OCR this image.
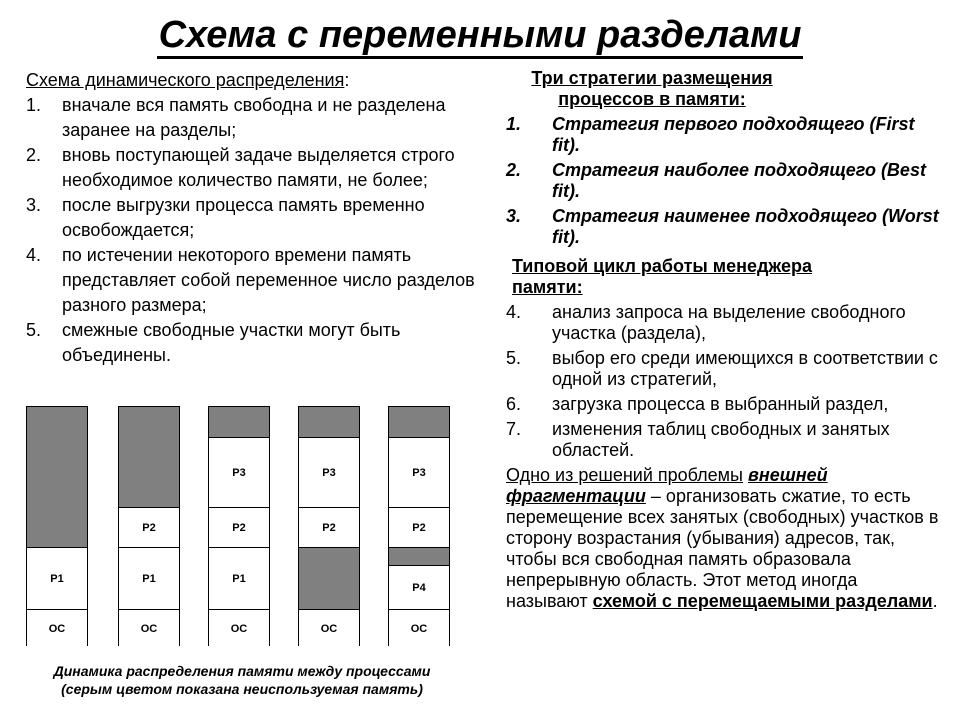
Схема с переменными разделами
Схема динамического распределения:
1. вначале вся память свободна и не разделена заранее на разделы;
2. вновь поступающей задаче выделяется строго необходимое количество памяти, не более;
3. после выгрузки процесса память временно освобождается;
4. по истечении некоторого времени память представляет собой переменное число разделов разного размера;
5. смежные свободные участки могут быть объединены.
Три стратегии размещения процессов в памяти:
1. Стратегия первого подходящего (First fit).
2. Стратегия наиболее подходящего (Best fit).
3. Стратегия наименее подходящего (Worst fit).
Типовой цикл работы менеджера памяти:
4. анализ запроса на выделение свободного участка (раздела),
5. выбор его среди имеющихся в соответствии с одной из стратегий,
6. загрузка процесса в выбранный раздел,
7. изменения таблиц свободных и занятых областей.
Одно из решений проблемы внешней фрагментации – организовать сжатие, то есть перемещение всех занятых (свободных) участков в сторону возрастания (убывания) адресов, так, чтобы вся свободная память образовала непрерывную область. Этот метод иногда называют схемой с перемещаемыми разделами.
P1
OC
P2
P1
OC
P3
P2
P1
OC
P3
P2
OC
P3
P2
P4
OC
Динамика распределения памяти между процессами
(серым цветом показана неиспользуемая память)
